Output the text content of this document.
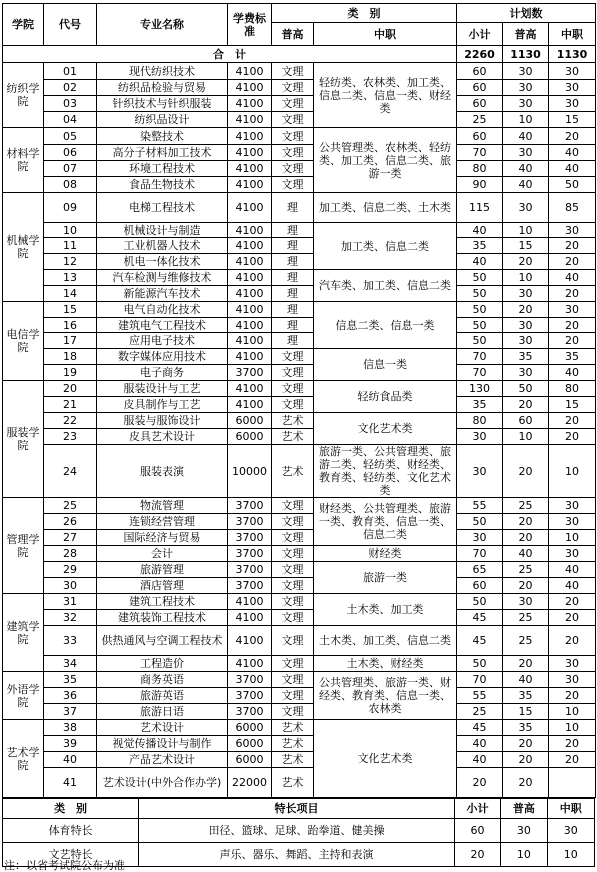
学院	代号	专业名称	学费标准	类　别		计划数		
				普高	中职	小计	普高	中职
合　计						2260	1130	1130
纺织学院	01	现代纺织技术	4100	文理	轻纺类、农林类、加工类、信息二类、信息一类、财经类	60	30	30
	02	纺织品检验与贸易	4100	文理		60	30	30
	03	针织技术与针织服装	4100	文理		60	30	30
	04	纺织品设计	4100	文理		25	10	15
材料学院	05	染整技术	4100	文理	公共管理类、农林类、轻纺类、加工类、信息二类、旅游一类	60	40	20
	06	高分子材料加工技术	4100	文理		70	30	40
	07	环境工程技术	4100	文理		80	40	40
	08	食品生物技术	4100	文理		90	40	50
机械学院	09	电梯工程技术	4100	理	加工类、信息二类、土木类	115	30	85
	10	机械设计与制造	4100	理	加工类、信息二类	40	10	30
	11	工业机器人技术	4100	理		35	15	20
	12	机电一体化技术	4100	理		40	20	20
	13	汽车检测与维修技术	4100	理	汽车类、加工类、信息二类	50	10	40
	14	新能源汽车技术	4100	理		50	30	20
电信学院	15	电气自动化技术	4100	理	信息二类、信息一类	50	20	30
	16	建筑电气工程技术	4100	理		50	30	20
	17	应用电子技术	4100	理		50	30	20
	18	数字媒体应用技术	4100	文理	信息一类	70	35	35
	19	电子商务	3700	文理		70	30	40
服装学院	20	服装设计与工艺	4100	文理	轻纺食品类	130	50	80
	21	皮具制作与工艺	4100	文理		35	20	15
	22	服装与服饰设计	6000	艺术	文化艺术类	80	60	20
	23	皮具艺术设计	6000	艺术		30	10	20
	24	服装表演	10000	艺术	旅游一类、公共管理类、旅游二类、轻纺类、财经类、教育类、轻纺类、文化艺术类	30	20	10
管理学院	25	物流管理	3700	文理	财经类、公共管理类、旅游一类、教育类、信息一类、信息二类	55	25	30
	26	连锁经营管理	3700	文理		50	20	30
	27	国际经济与贸易	3700	文理		30	20	10
	28	会计	3700	文理	财经类	70	40	30
	29	旅游管理	3700	文理	旅游一类	65	25	40
	30	酒店管理	3700	文理		60	20	40
建筑学院	31	建筑工程技术	4100	文理	土木类、加工类	50	30	20
	32	建筑装饰工程技术	4100	文理		45	25	20
	33	供热通风与空调工程技术	4100	文理	土木类、加工类、信息二类	45	25	20
	34	工程造价	4100	文理	土木类、财经类	50	20	30
外语学院	35	商务英语	3700	文理	公共管理类、旅游一类、财经类、教育类、信息一类、农林类	70	40	30
	36	旅游英语	3700	文理		55	35	20
	37	旅游日语	3700	文理		25	15	10
艺术学院	38	艺术设计	6000	艺术	文化艺术类	45	35	10
	39	视觉传播设计与制作	6000	艺术		40	20	20
	40	产品艺术设计	6000	艺术		40	20	20
	41	艺术设计(中外合作办学)	22000	艺术		20	20	
类　别	特长项目	小计	普高	中职
体育特长	田径、篮球、足球、跆拳道、健美操	60	30	30
文艺特长	声乐、器乐、舞蹈、主持和表演	20	10	10
注：以省考试院公布为准
